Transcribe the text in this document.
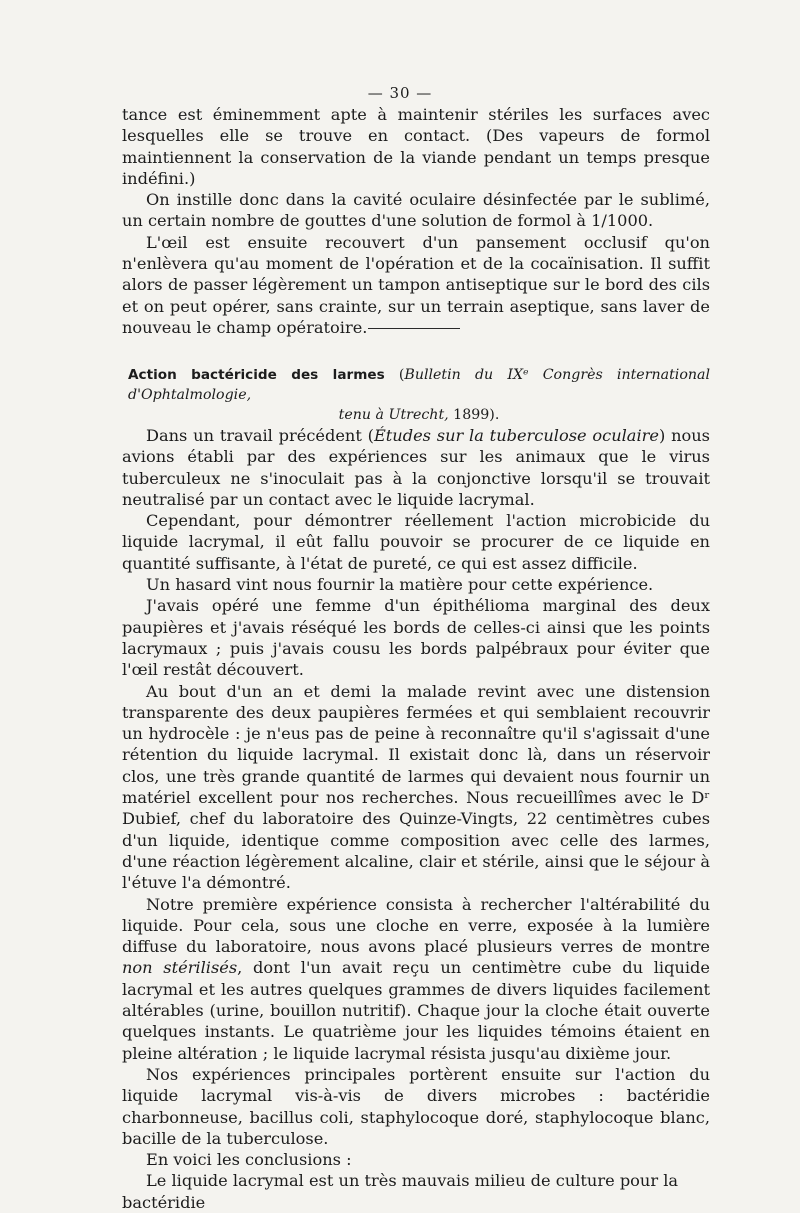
— 30 —

tance est éminemment apte à maintenir stériles les surfaces avec lesquelles elle se trouve en contact. (Des vapeurs de formol maintiennent la conservation de la viande pendant un temps presque indéfini.)

On instille donc dans la cavité oculaire désinfectée par le sublimé, un certain nombre de gouttes d'une solution de formol à 1/1000.

L'œil est ensuite recouvert d'un pansement occlusif qu'on n'enlèvera qu'au moment de l'opération et de la cocaïnisation. Il suffit alors de passer légèrement un tampon antiseptique sur le bord des cils et on peut opérer, sans crainte, sur un terrain aseptique, sans laver de nouveau le champ opératoire.

Action bactéricide des larmes (Bulletin du IXᵉ Congrès international d'Ophtalmologie,
tenu à Utrecht, 1899).

Dans un travail précédent (Études sur la tuberculose oculaire) nous avions établi par des expériences sur les animaux que le virus tuberculeux ne s'inoculait pas à la conjonctive lorsqu'il se trouvait neutralisé par un contact avec le liquide lacrymal.

Cependant, pour démontrer réellement l'action microbicide du liquide lacrymal, il eût fallu pouvoir se procurer de ce liquide en quantité suffisante, à l'état de pureté, ce qui est assez difficile.

Un hasard vint nous fournir la matière pour cette expérience.

J'avais opéré une femme d'un épithélioma marginal des deux paupières et j'avais réséqué les bords de celles-ci ainsi que les points lacrymaux ; puis j'avais cousu les bords palpébraux pour éviter que l'œil restât découvert.

Au bout d'un an et demi la malade revint avec une distension transparente des deux paupières fermées et qui semblaient recouvrir un hydrocèle : je n'eus pas de peine à reconnaître qu'il s'agissait d'une rétention du liquide lacrymal. Il existait donc là, dans un réservoir clos, une très grande quantité de larmes qui devaient nous fournir un matériel excellent pour nos recherches. Nous recueillîmes avec le Dʳ Dubief, chef du laboratoire des Quinze-Vingts, 22 centimètres cubes d'un liquide, identique comme composition avec celle des larmes, d'une réaction légèrement alcaline, clair et stérile, ainsi que le séjour à l'étuve l'a démontré.

Notre première expérience consista à rechercher l'altérabilité du liquide. Pour cela, sous une cloche en verre, exposée à la lumière diffuse du laboratoire, nous avons placé plusieurs verres de montre non stérilisés, dont l'un avait reçu un centimètre cube du liquide lacrymal et les autres quelques grammes de divers liquides facilement altérables (urine, bouillon nutritif). Chaque jour la cloche était ouverte quelques instants. Le quatrième jour les liquides témoins étaient en pleine altération ; le liquide lacrymal résista jusqu'au dixième jour.

Nos expériences principales portèrent ensuite sur l'action du liquide lacrymal vis-à-vis de divers microbes : bactéridie charbonneuse, bacillus coli, staphylocoque doré, staphylocoque blanc, bacille de la tuberculose.

En voici les conclusions :

Le liquide lacrymal est un très mauvais milieu de culture pour la bactéridie
